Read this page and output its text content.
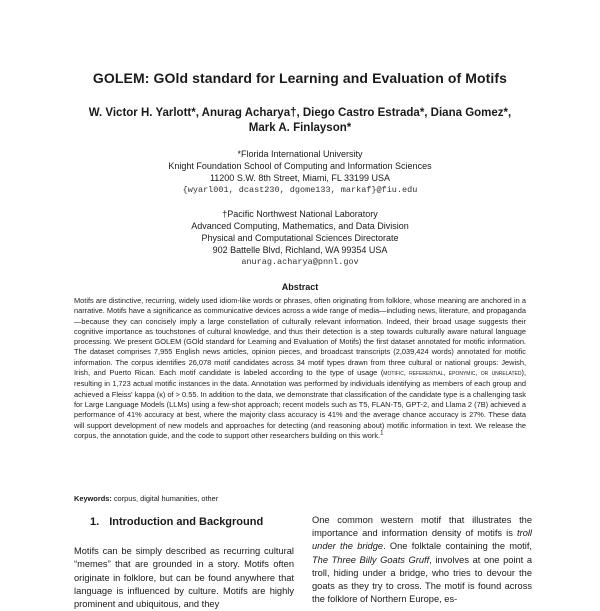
GOLEM: GOld standard for Learning and Evaluation of Motifs
W. Victor H. Yarlott*, Anurag Acharya†, Diego Castro Estrada*, Diana Gomez*,
Mark A. Finlayson*
*Florida International University
Knight Foundation School of Computing and Information Sciences
11200 S.W. 8th Street, Miami, FL 33199 USA
{wyarl001, dcast230, dgome133, markaf}@fiu.edu
†Pacific Northwest National Laboratory
Advanced Computing, Mathematics, and Data Division
Physical and Computational Sciences Directorate
902 Battelle Blvd, Richland, WA 99354 USA
anurag.acharya@pnnl.gov
Abstract
Motifs are distinctive, recurring, widely used idiom-like words or phrases, often originating from folklore, whose meaning are anchored in a narrative. Motifs have a significance as communicative devices across a wide range of media—including news, literature, and propaganda—because they can concisely imply a large constellation of culturally relevant information. Indeed, their broad usage suggests their cognitive importance as touchstones of cultural knowledge, and thus their detection is a step towards culturally aware natural language processing. We present GOLEM (GOld standard for Learning and Evaluation of Motifs) the first dataset annotated for motific information. The dataset comprises 7,955 English news articles, opinion pieces, and broadcast transcripts (2,039,424 words) annotated for motific information. The corpus identifies 26,078 motif candidates across 34 motif types drawn from three cultural or national groups: Jewish, Irish, and Puerto Rican. Each motif candidate is labeled according to the type of usage (motific, referential, eponymic, or unrelated), resulting in 1,723 actual motific instances in the data. Annotation was performed by individuals identifying as members of each group and achieved a Fleiss' kappa (κ) of > 0.55. In addition to the data, we demonstrate that classification of the candidate type is a challenging task for Large Language Models (LLMs) using a few-shot approach; recent models such as T5, FLAN-T5, GPT-2, and Llama 2 (7B) achieved a performance of 41% accuracy at best, where the majority class accuracy is 41% and the average chance accuracy is 27%. These data will support development of new models and approaches for detecting (and reasoning about) motific information in text. We release the corpus, the annotation guide, and the code to support other researchers building on this work.$^1$
Keywords: corpus, digital humanities, other
1. Introduction and Background
Motifs can be simply described as recurring cultural “memes” that are grounded in a story. Motifs often originate in folklore, but can be found anywhere that language is influenced by culture. Motifs are highly prominent and ubiquitous, and they
One common western motif that illustrates the importance and information density of motifs is troll under the bridge. One folktale containing the motif, The Three Billy Goats Gruff, involves at one point a troll, hiding under a bridge, who tries to devour the goats as they try to cross. The motif is found across the folklore of Northern Europe, es-
